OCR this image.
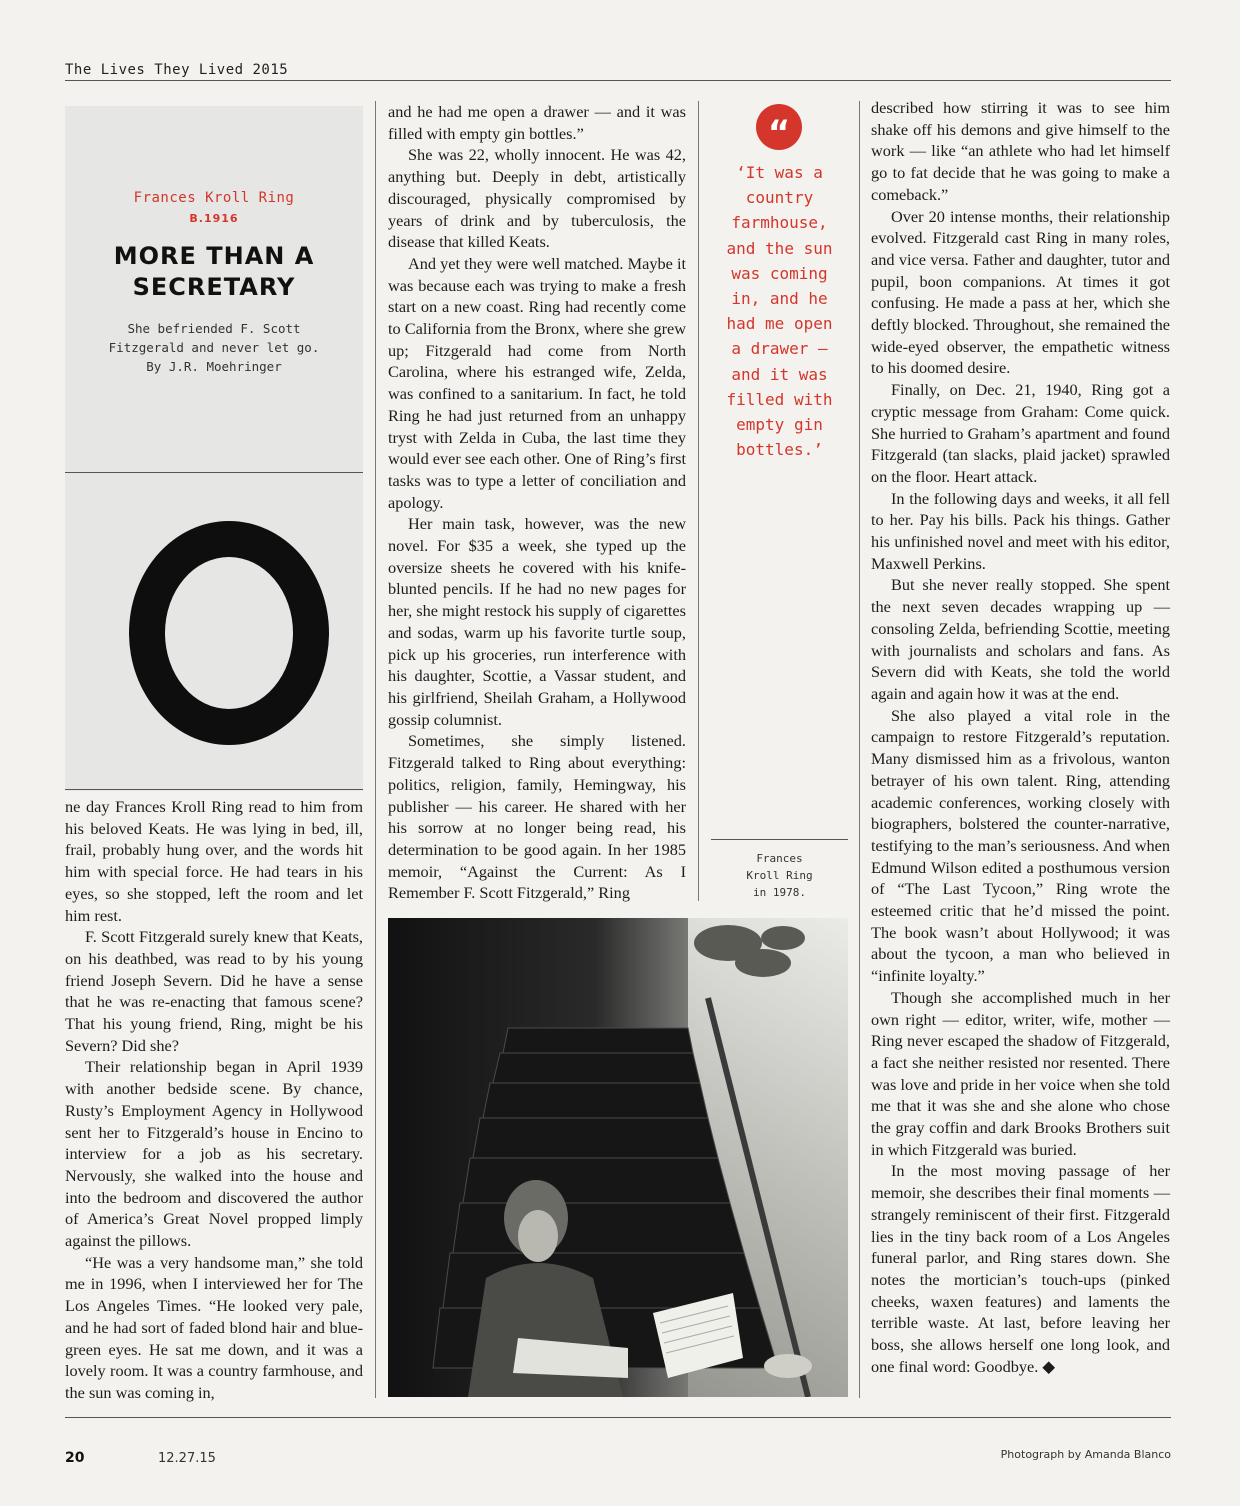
The Lives They Lived 2015
Frances Kroll Ring
B.1916
MORE THAN A
SECRETARY
She befriended F. Scott
Fitzgerald and never let go.
By J.R. Moehringer

ne day Frances Kroll Ring read to him from his beloved Keats. He was lying in bed, ill, frail, probably hung over, and the words hit him with special force. He had tears in his eyes, so she stopped, left the room and let him rest.

F. Scott Fitzgerald surely knew that Keats, on his deathbed, was read to by his young friend Joseph Severn. Did he have a sense that he was re-enacting that famous scene? That his young friend, Ring, might be his Severn? Did she?

Their relationship began in April 1939 with another bedside scene. By chance, Rusty’s Employment Agency in Hollywood sent her to Fitzgerald’s house in Encino to interview for a job as his secretary. Nervously, she walked into the house and into the bedroom and discovered the author of America’s Great Novel propped limply against the pillows.

“He was a very handsome man,” she told me in 1996, when I interviewed her for The Los Angeles Times. “He looked very pale, and he had sort of faded blond hair and blue-green eyes. He sat me down, and it was a lovely room. It was a country farmhouse, and the sun was coming in,

and he had me open a drawer — and it was filled with empty gin bottles.”

She was 22, wholly innocent. He was 42, anything but. Deeply in debt, artistically discouraged, physically compromised by years of drink and by tuberculosis, the disease that killed Keats.

And yet they were well matched. Maybe it was because each was trying to make a fresh start on a new coast. Ring had recently come to California from the Bronx, where she grew up; Fitzgerald had come from North Carolina, where his estranged wife, Zelda, was confined to a sanitarium. In fact, he told Ring he had just returned from an unhappy tryst with Zelda in Cuba, the last time they would ever see each other. One of Ring’s first tasks was to type a letter of conciliation and apology.

Her main task, however, was the new novel. For $35 a week, she typed up the oversize sheets he covered with his knife-blunted pencils. If he had no new pages for her, she might restock his supply of cigarettes and sodas, warm up his favorite turtle soup, pick up his groceries, run interference with his daughter, Scottie, a Vassar student, and his girlfriend, Sheilah Graham, a Hollywood gossip columnist.

Sometimes, she simply listened. Fitzgerald talked to Ring about everything: politics, religion, family, Hemingway, his publisher — his career. He shared with her his sorrow at no longer being read, his determination to be good again. In her 1985 memoir, “Against the Current: As I Remember F. Scott Fitzgerald,” Ring

“
‘It was a
country
farmhouse,
and the sun
was coming
in, and he
had me open
a drawer —
and it was
filled with
empty gin
bottles.’
Frances
Kroll Ring
in 1978.

described how stirring it was to see him shake off his demons and give himself to the work — like “an athlete who had let himself go to fat decide that he was going to make a comeback.”

Over 20 intense months, their relationship evolved. Fitzgerald cast Ring in many roles, and vice versa. Father and daughter, tutor and pupil, boon companions. At times it got confusing. He made a pass at her, which she deftly blocked. Throughout, she remained the wide-eyed observer, the empathetic witness to his doomed desire.

Finally, on Dec. 21, 1940, Ring got a cryptic message from Graham: Come quick. She hurried to Graham’s apartment and found Fitzgerald (tan slacks, plaid jacket) sprawled on the floor. Heart attack.

In the following days and weeks, it all fell to her. Pay his bills. Pack his things. Gather his unfinished novel and meet with his editor, Maxwell Perkins.

But she never really stopped. She spent the next seven decades wrapping up — consoling Zelda, befriending Scottie, meeting with journalists and scholars and fans. As Severn did with Keats, she told the world again and again how it was at the end.

She also played a vital role in the campaign to restore Fitzgerald’s reputation. Many dismissed him as a frivolous, wanton betrayer of his own talent. Ring, attending academic conferences, working closely with biographers, bolstered the counter-narrative, testifying to the man’s seriousness. And when Edmund Wilson edited a posthumous version of “The Last Tycoon,” Ring wrote the esteemed critic that he’d missed the point. The book wasn’t about Hollywood; it was about the tycoon, a man who believed in “infinite loyalty.”

Though she accomplished much in her own right — editor, writer, wife, mother — Ring never escaped the shadow of Fitzgerald, a fact she neither resisted nor resented. There was love and pride in her voice when she told me that it was she and she alone who chose the gray coffin and dark Brooks Brothers suit in which Fitzgerald was buried.

In the most moving passage of her memoir, she describes their final moments — strangely reminiscent of their first. Fitzgerald lies in the tiny back room of a Los Angeles funeral parlor, and Ring stares down. She notes the mortician’s touch-ups (pinked cheeks, waxen features) and laments the terrible waste. At last, before leaving her boss, she allows herself one long look, and one final word: Goodbye. ◆

20	12.27.15	Photograph by Amanda Blanco
